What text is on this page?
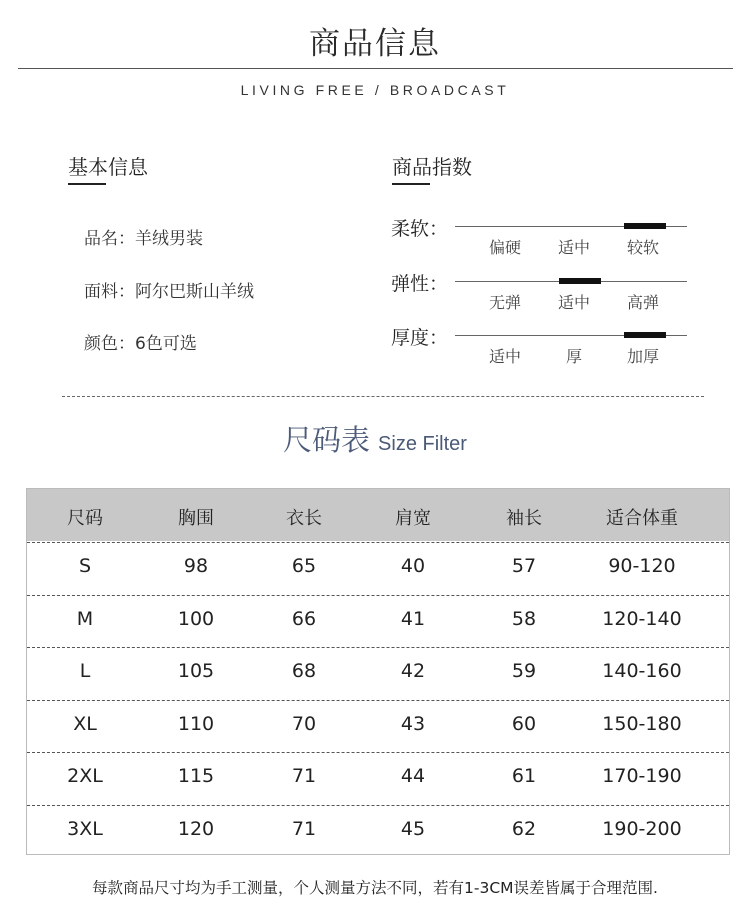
商品信息
LIVING FREE / BROADCAST
基本信息
品名：羊绒男装
面料：阿尔巴斯山羊绒
颜色：6色可选
商品指数
柔软：
偏硬	适中	较软
弹性：
无弹	适中	高弹
厚度：
适中	厚	加厚
尺码表 Size Filter
尺码	胸围	衣长	肩宽	袖长	适合体重
S	98	65	40	57	90-120
M	100	66	41	58	120-140
L	105	68	42	59	140-160
XL	110	70	43	60	150-180
2XL	115	71	44	61	170-190
3XL	120	71	45	62	190-200
每款商品尺寸均为手工测量，个人测量方法不同，若有1-3CM误差皆属于合理范围.
